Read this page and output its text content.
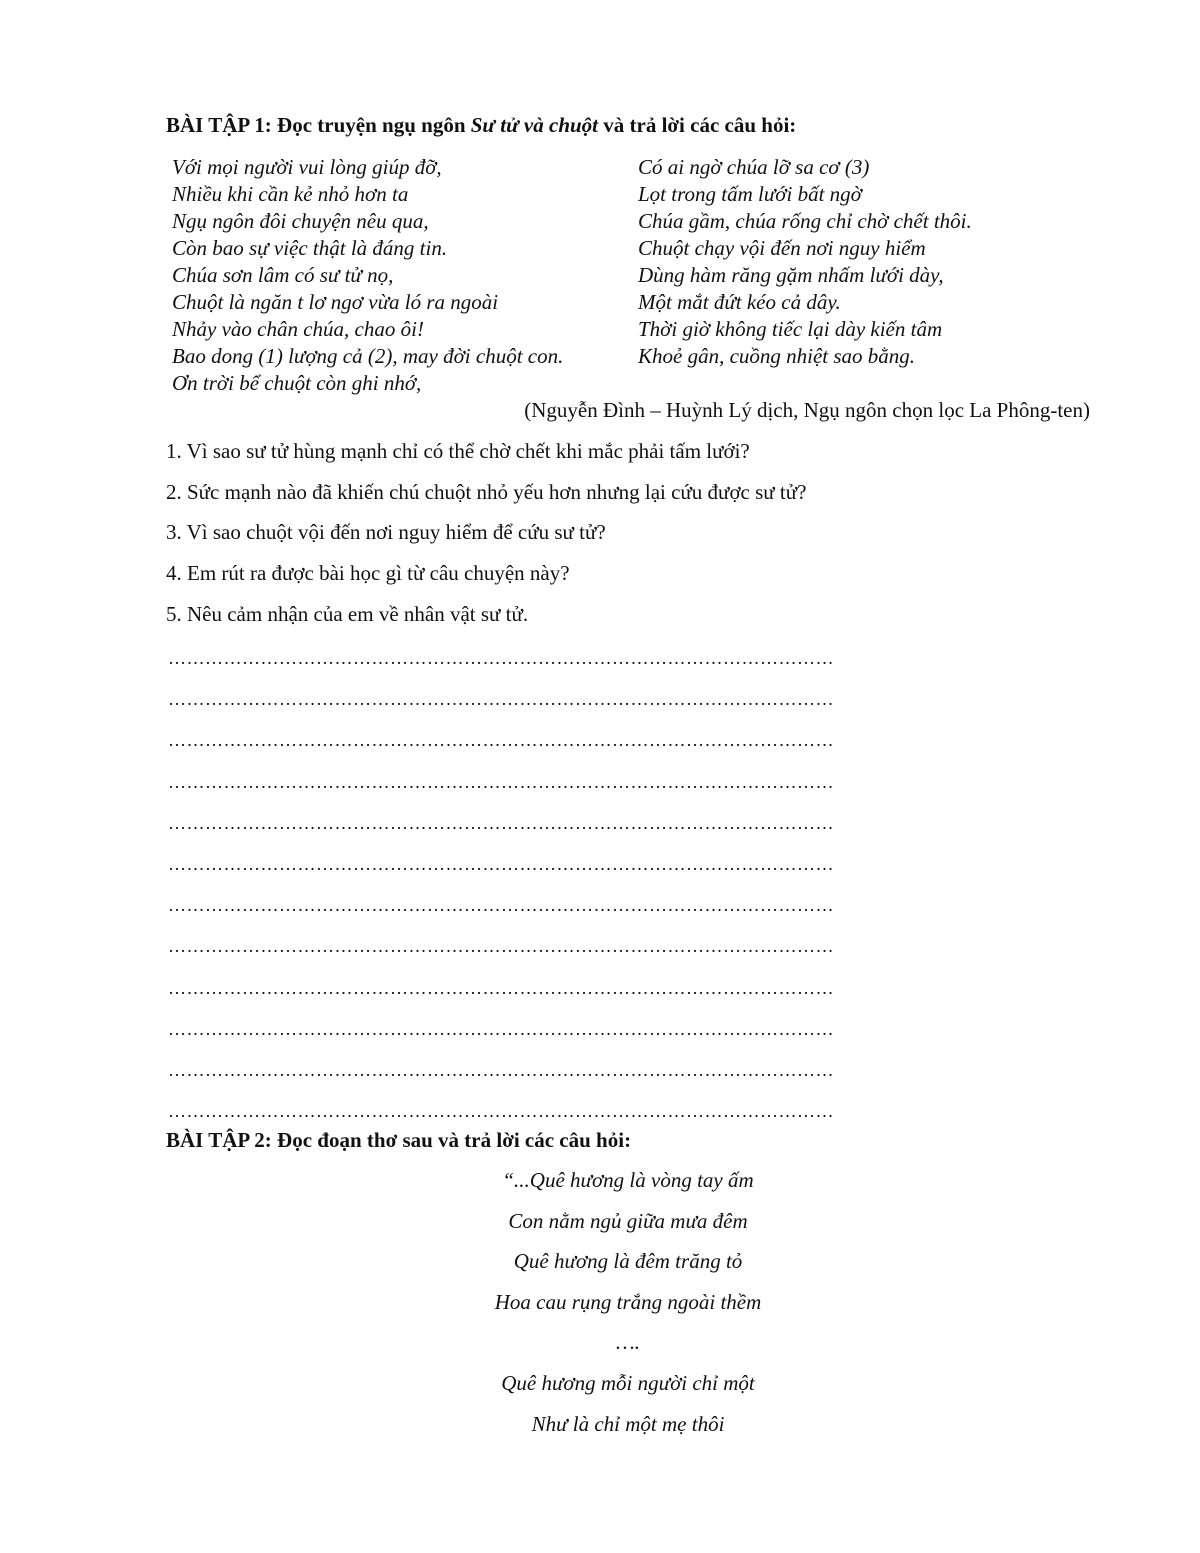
BÀI TẬP 1: Đọc truyện ngụ ngôn Sư tử và chuột và trả lời các câu hỏi:
Với mọi người vui lòng giúp đỡ,
Nhiều khi cần kẻ nhỏ hơn ta
Ngụ ngôn đôi chuyện nêu qua,
Còn bao sự việc thật là đáng tin.
Chúa sơn lâm có sư tử nọ,
Chuột là ngăn t lơ ngơ vừa ló ra ngoài
Nhảy vào chân chúa, chao ôi!
Bao dong (1) lượng cả (2), may đời chuột con.
Ơn trời bể chuột còn ghi nhớ,
Có ai ngờ chúa lỡ sa cơ (3)
Lọt trong tấm lưới bất ngờ
Chúa gầm, chúa rống chỉ chờ chết thôi.
Chuột chạy vội đến nơi nguy hiểm
Dùng hàm răng gặm nhấm lưới dày,
Một mắt đứt kéo cả dây.
Thời giờ không tiếc lại dày kiến tâm
Khoẻ gân, cuồng nhiệt sao bằng.
(Nguyễn Đình – Huỳnh Lý dịch, Ngụ ngôn chọn lọc La Phông-ten)
1. Vì sao sư tử hùng mạnh chỉ có thể chờ chết khi mắc phải tấm lưới?
2. Sức mạnh nào đã khiến chú chuột nhỏ yếu hơn nhưng lại cứu được sư tử?
3. Vì sao chuột vội đến nơi nguy hiểm để cứu sư tử?
4. Em rút ra được bài học gì từ câu chuyện này?
5. Nêu cảm nhận của em về nhân vật sư tử.
………………………………………………………………………………………………
………………………………………………………………………………………………
………………………………………………………………………………………………
………………………………………………………………………………………………
………………………………………………………………………………………………
………………………………………………………………………………………………
………………………………………………………………………………………………
………………………………………………………………………………………………
………………………………………………………………………………………………
………………………………………………………………………………………………
………………………………………………………………………………………………
………………………………………………………………………………………………
BÀI TẬP 2: Đọc đoạn thơ sau và trả lời các câu hỏi:
“...Quê hương là vòng tay ấm
Con nằm ngủ giữa mưa đêm
Quê hương là đêm trăng tỏ
Hoa cau rụng trắng ngoài thềm
….
Quê hương mỗi người chỉ một
Như là chỉ một mẹ thôi
